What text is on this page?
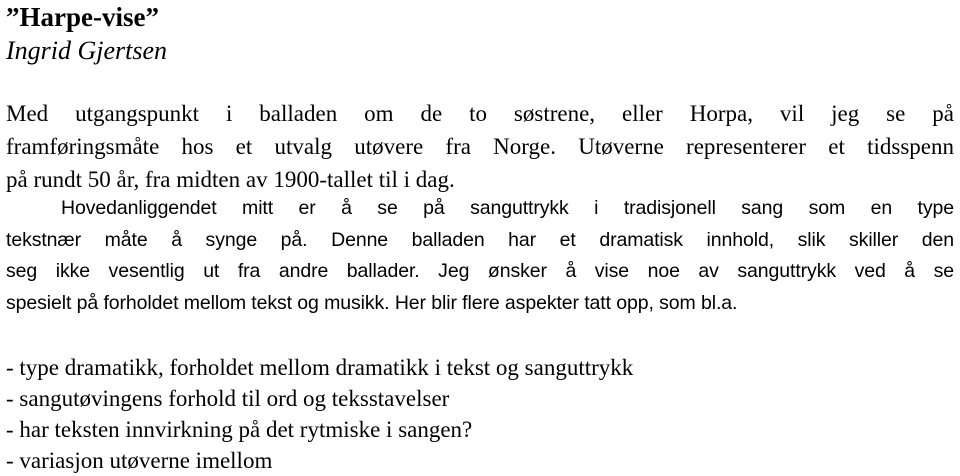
”Harpe-vise”

Ingrid Gjertsen

Med utgangspunkt i balladen om de to søstrene, eller Horpa, vil jeg se på
framføringsmåte hos et utvalg utøvere fra Norge. Utøverne representerer et tidsspenn
på rundt 50 år, fra midten av 1900-tallet til i dag.

Hovedanliggendet mitt er å se på sanguttrykk i tradisjonell sang som en type
tekstnær måte å synge på. Denne balladen har et dramatisk innhold, slik skiller den
seg ikke vesentlig ut fra andre ballader. Jeg ønsker å vise noe av sanguttrykk ved å se
spesielt på forholdet mellom tekst og musikk. Her blir flere aspekter tatt opp, som bl.a.

- type dramatikk, forholdet mellom dramatikk i tekst og sanguttrykk
- sangutøvingens forhold til ord og teksstavelser
- har teksten innvirkning på det rytmiske i sangen?
- variasjon utøverne imellom
